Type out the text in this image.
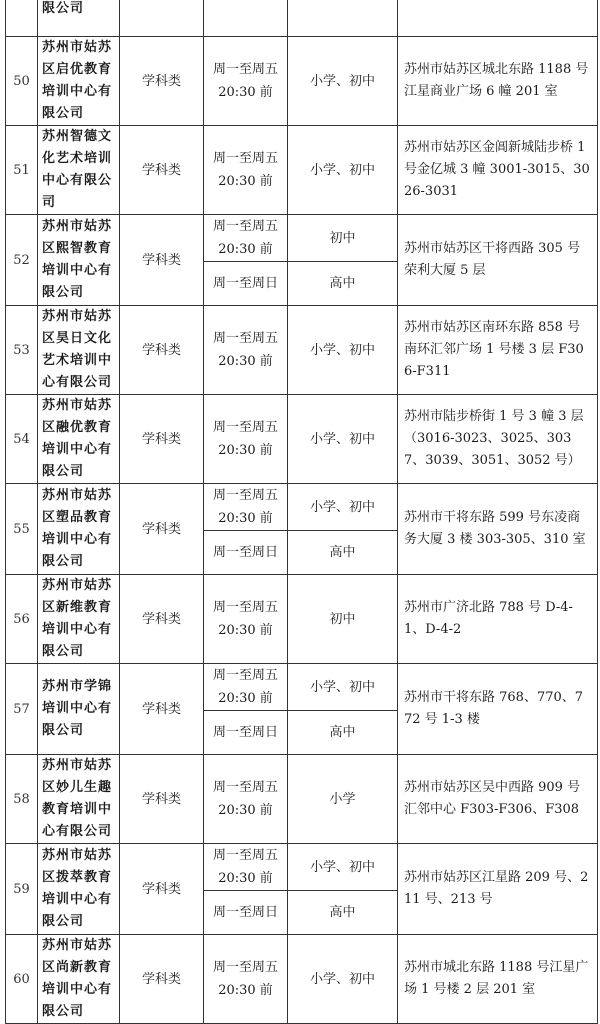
	限公司				
50	苏州市姑苏区启优教育培训中心有限公司	学科类	周一至周五
20:30 前	小学、初中	苏州市姑苏区城北东路 1188 号江星商业广场 6 幢 201 室
51	苏州智德文化艺术培训中心有限公司	学科类	周一至周五
20:30 前	小学、初中	苏州市姑苏区金阊新城陆步桥 1 号金亿城 3 幢 3001-3015、3026-3031
52	苏州市姑苏区熙智教育培训中心有限公司	学科类	周一至周五
20:30 前	初中	苏州市姑苏区干将西路 305 号荣利大厦 5 层

			周一至周日	高中	
53	苏州市姑苏区昊日文化艺术培训中心有限公司	学科类	周一至周五
20:30 前	小学、初中	苏州市姑苏区南环东路 858 号南环汇邻广场 1 号楼 3 层 F306-F311
54	苏州市姑苏区融优教育培训中心有限公司	学科类	周一至周五
20:30 前	小学、初中	苏州市陆步桥街 1 号 3 幢 3 层（3016-3023、3025、3037、3039、3051、3052 号）
55	苏州市姑苏区塑品教育培训中心有限公司	学科类	周一至周五
20:30 前	小学、初中	苏州市干将东路 599 号东凌商务大厦 3 楼 303-305、310 室

			周一至周日	高中	
56	苏州市姑苏区新维教育培训中心有限公司	学科类	周一至周五
20:30 前	初中	苏州市广济北路 788 号 D-4-1、D-4-2
57	苏州市学锦培训中心有限公司	学科类	周一至周五
20:30 前	小学、初中	苏州市干将东路 768、770、772 号 1-3 楼

			周一至周日	高中	
58	苏州市姑苏区妙儿生趣教育培训中心有限公司	学科类	周一至周五
20:30 前	小学	苏州市姑苏区吴中西路 909 号汇邻中心 F303-F306、F308
59	苏州市姑苏区拨萃教育培训中心有限公司	学科类	周一至周五
20:30 前	小学、初中	苏州市姑苏区江星路 209 号、211 号、213 号

			周一至周日	高中	
60	苏州市姑苏区尚新教育培训中心有限公司	学科类	周一至周五
20:30 前	小学、初中	苏州市城北东路 1188 号江星广场 1 号楼 2 层 201 室
